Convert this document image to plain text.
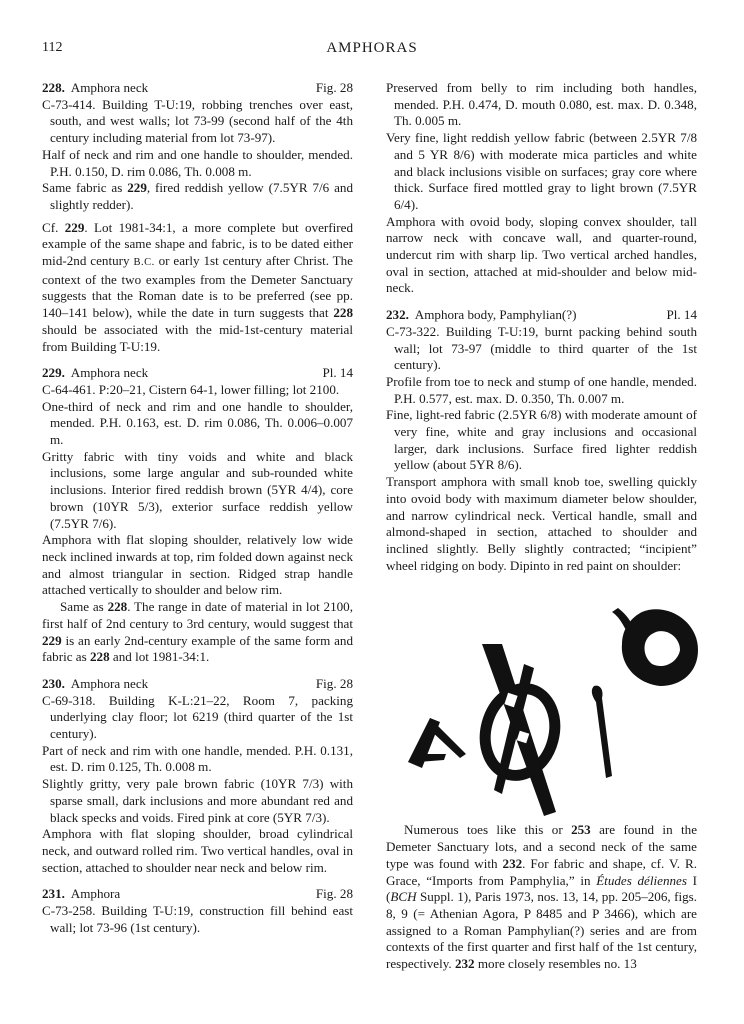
112	AMPHORAS
228. Amphora neck	Fig. 28

C-73-414. Building T-U:19, robbing trenches over east, south, and west walls; lot 73-99 (second half of the 4th century including material from lot 73-97).

Half of neck and rim and one handle to shoulder, mended. P.H. 0.150, D. rim 0.086, Th. 0.008 m.

Same fabric as 229, fired reddish yellow (7.5YR 7/6 and slightly redder).

Cf. 229. Lot 1981-34:1, a more complete but overfired example of the same shape and fabric, is to be dated either mid-2nd century B.C. or early 1st century after Christ. The context of the two examples from the Demeter Sanctuary suggests that the Roman date is to be preferred (see pp. 140–141 below), while the date in turn suggests that 228 should be associated with the mid-1st-century material from Building T-U:19.

229. Amphora neck	Pl. 14

C-64-461. P:20–21, Cistern 64-1, lower filling; lot 2100.

One-third of neck and rim and one handle to shoulder, mended. P.H. 0.163, est. D. rim 0.086, Th. 0.006–0.007 m.

Gritty fabric with tiny voids and white and black inclusions, some large angular and sub-rounded white inclusions. Interior fired reddish brown (5YR 4/4), core brown (10YR 5/3), exterior surface reddish yellow (7.5YR 7/6).

Amphora with flat sloping shoulder, relatively low wide neck inclined inwards at top, rim folded down against neck and almost triangular in section. Ridged strap handle attached vertically to shoulder and below rim.

Same as 228. The range in date of material in lot 2100, first half of 2nd century to 3rd century, would suggest that 229 is an early 2nd-century example of the same form and fabric as 228 and lot 1981-34:1.

230. Amphora neck	Fig. 28

C-69-318. Building K-L:21–22, Room 7, packing underlying clay floor; lot 6219 (third quarter of the 1st century).

Part of neck and rim with one handle, mended. P.H. 0.131, est. D. rim 0.125, Th. 0.008 m.

Slightly gritty, very pale brown fabric (10YR 7/3) with sparse small, dark inclusions and more abundant red and black specks and voids. Fired pink at core (5YR 7/3).

Amphora with flat sloping shoulder, broad cylindrical neck, and outward rolled rim. Two vertical handles, oval in section, attached to shoulder near neck and below rim.

231. Amphora	Fig. 28

C-73-258. Building T-U:19, construction fill behind east wall; lot 73-96 (1st century).

Preserved from belly to rim including both handles, mended. P.H. 0.474, D. mouth 0.080, est. max. D. 0.348, Th. 0.005 m.

Very fine, light reddish yellow fabric (between 2.5YR 7/8 and 5 YR 8/6) with moderate mica particles and white and black inclusions visible on surfaces; gray core where thick. Surface fired mottled gray to light brown (7.5YR 6/4).

Amphora with ovoid body, sloping convex shoulder, tall narrow neck with concave wall, and quarter-round, undercut rim with sharp lip. Two vertical arched handles, oval in section, attached at mid-shoulder and below mid-neck.

232. Amphora body, Pamphylian(?)	Pl. 14

C-73-322. Building T-U:19, burnt packing behind south wall; lot 73-97 (middle to third quarter of the 1st century).

Profile from toe to neck and stump of one handle, mended. P.H. 0.577, est. max. D. 0.350, Th. 0.007 m.

Fine, light-red fabric (2.5YR 6/8) with moderate amount of very fine, white and gray inclusions and occasional larger, dark inclusions. Surface fired lighter reddish yellow (about 5YR 8/6).

Transport amphora with small knob toe, swelling quickly into ovoid body with maximum diameter below shoulder, and narrow cylindrical neck. Vertical handle, small and almond-shaped in section, attached to shoulder and inclined slightly. Belly slightly contracted; “incipient” wheel ridging on body. Dipinto in red paint on shoulder:

Numerous toes like this or 253 are found in the Demeter Sanctuary lots, and a second neck of the same type was found with 232. For fabric and shape, cf. V. R. Grace, “Imports from Pamphylia,” in Études déliennes I (BCH Suppl. 1), Paris 1973, nos. 13, 14, pp. 205–206, figs. 8, 9 (= Athenian Agora, P 8485 and P 3466), which are assigned to a Roman Pamphylian(?) series and are from contexts of the first quarter and first half of the 1st century, respectively. 232 more closely resembles no. 13
